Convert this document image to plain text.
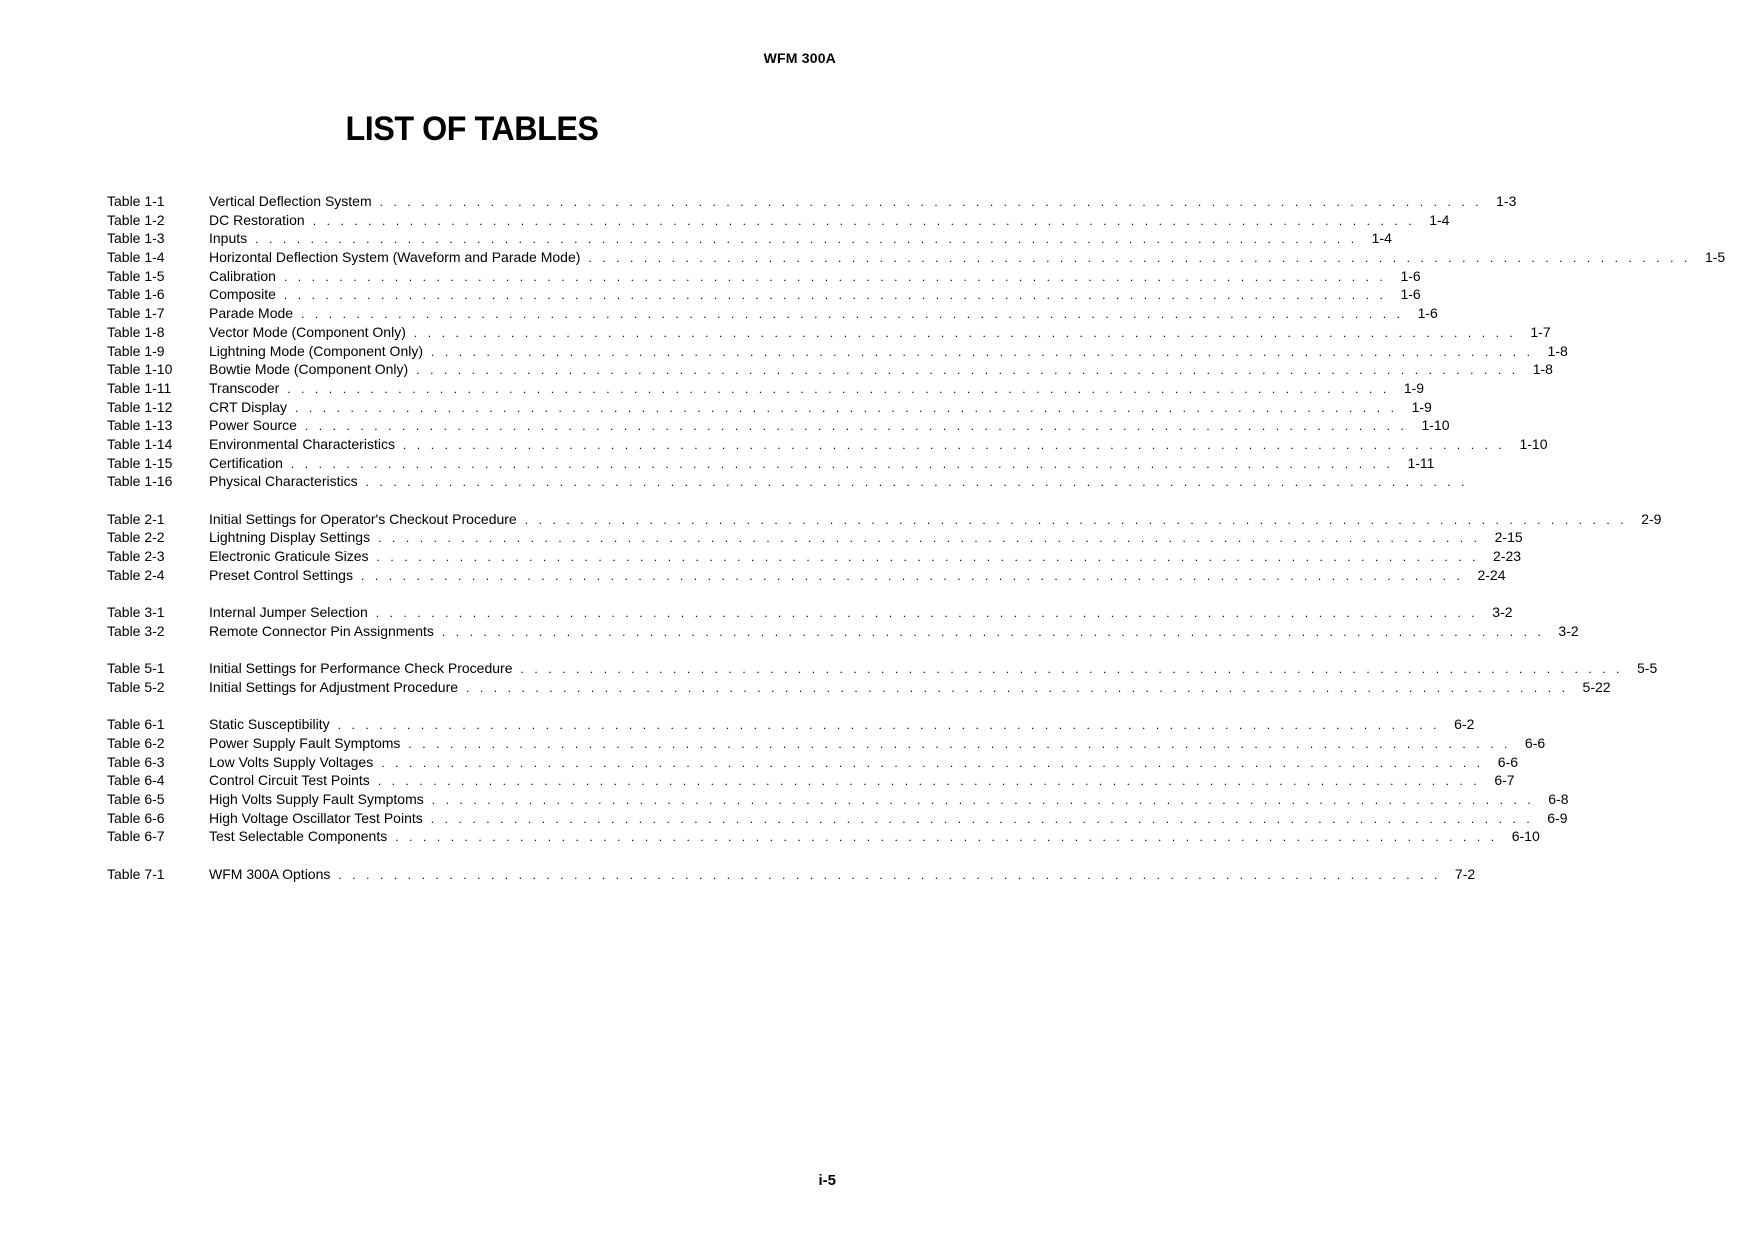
WFM 300A
LIST OF TABLES
Table 1-1	Vertical Deflection System . . . . . . . . . . . . . . . . . . . . . . . . . . . . . . . . . . . . . . . . . . . . . . . . . . . . . . . . . . . . . . . . . . . . . . . . . . . . . . . . 1-3
Table 1-2	DC Restoration . . . . . . . . . . . . . . . . . . . . . . . . . . . . . . . . . . . . . . . . . . . . . . . . . . . . . . . . . . . . . . . . . . . . . . . . . . . . . . . . 1-4
Table 1-3	Inputs . . . . . . . . . . . . . . . . . . . . . . . . . . . . . . . . . . . . . . . . . . . . . . . . . . . . . . . . . . . . . . . . . . . . . . . . . . . . . . . . 1-4
Table 1-4	Horizontal Deflection System (Waveform and Parade Mode) . . . . . . . . . . . . . . . . . . . . . . . . . . . . . . . . . . . . . . . . . . . . . . . . . . . . . . . . . . . . . . . . . . . . . . . . . . . . . . . . 1-5
Table 1-5	Calibration . . . . . . . . . . . . . . . . . . . . . . . . . . . . . . . . . . . . . . . . . . . . . . . . . . . . . . . . . . . . . . . . . . . . . . . . . . . . . . . . 1-6
Table 1-6	Composite . . . . . . . . . . . . . . . . . . . . . . . . . . . . . . . . . . . . . . . . . . . . . . . . . . . . . . . . . . . . . . . . . . . . . . . . . . . . . . . . 1-6
Table 1-7	Parade Mode . . . . . . . . . . . . . . . . . . . . . . . . . . . . . . . . . . . . . . . . . . . . . . . . . . . . . . . . . . . . . . . . . . . . . . . . . . . . . . . . 1-6
Table 1-8	Vector Mode (Component Only) . . . . . . . . . . . . . . . . . . . . . . . . . . . . . . . . . . . . . . . . . . . . . . . . . . . . . . . . . . . . . . . . . . . . . . . . . . . . . . . . 1-7
Table 1-9	Lightning Mode (Component Only) . . . . . . . . . . . . . . . . . . . . . . . . . . . . . . . . . . . . . . . . . . . . . . . . . . . . . . . . . . . . . . . . . . . . . . . . . . . . . . . . 1-8
Table 1-10	Bowtie Mode (Component Only) . . . . . . . . . . . . . . . . . . . . . . . . . . . . . . . . . . . . . . . . . . . . . . . . . . . . . . . . . . . . . . . . . . . . . . . . . . . . . . . . 1-8
Table 1-11	Transcoder . . . . . . . . . . . . . . . . . . . . . . . . . . . . . . . . . . . . . . . . . . . . . . . . . . . . . . . . . . . . . . . . . . . . . . . . . . . . . . . . 1-9
Table 1-12	CRT Display . . . . . . . . . . . . . . . . . . . . . . . . . . . . . . . . . . . . . . . . . . . . . . . . . . . . . . . . . . . . . . . . . . . . . . . . . . . . . . . . 1-9
Table 1-13	Power Source . . . . . . . . . . . . . . . . . . . . . . . . . . . . . . . . . . . . . . . . . . . . . . . . . . . . . . . . . . . . . . . . . . . . . . . . . . . . . . . . 1-10
Table 1-14	Environmental Characteristics . . . . . . . . . . . . . . . . . . . . . . . . . . . . . . . . . . . . . . . . . . . . . . . . . . . . . . . . . . . . . . . . . . . . . . . . . . . . . . . . 1-10
Table 1-15	Certification . . . . . . . . . . . . . . . . . . . . . . . . . . . . . . . . . . . . . . . . . . . . . . . . . . . . . . . . . . . . . . . . . . . . . . . . . . . . . . . . 1-11
Table 1-16	Physical Characteristics . . . . . . . . . . . . . . . . . . . . . . . . . . . . . . . . . . . . . . . . . . . . . . . . . . . . . . . . . . . . . . . . . . . . . . . . . . . . . . . .
Table 2-1	Initial Settings for Operator's Checkout Procedure . . . . . . . . . . . . . . . . . . . . . . . . . . . . . . . . . . . . . . . . . . . . . . . . . . . . . . . . . . . . . . . . . . . . . . . . . . . . . . . . 2-9
Table 2-2	Lightning Display Settings . . . . . . . . . . . . . . . . . . . . . . . . . . . . . . . . . . . . . . . . . . . . . . . . . . . . . . . . . . . . . . . . . . . . . . . . . . . . . . . . 2-15
Table 2-3	Electronic Graticule Sizes . . . . . . . . . . . . . . . . . . . . . . . . . . . . . . . . . . . . . . . . . . . . . . . . . . . . . . . . . . . . . . . . . . . . . . . . . . . . . . . . 2-23
Table 2-4	Preset Control Settings . . . . . . . . . . . . . . . . . . . . . . . . . . . . . . . . . . . . . . . . . . . . . . . . . . . . . . . . . . . . . . . . . . . . . . . . . . . . . . . . 2-24
Table 3-1	Internal Jumper Selection . . . . . . . . . . . . . . . . . . . . . . . . . . . . . . . . . . . . . . . . . . . . . . . . . . . . . . . . . . . . . . . . . . . . . . . . . . . . . . . . 3-2
Table 3-2	Remote Connector Pin Assignments . . . . . . . . . . . . . . . . . . . . . . . . . . . . . . . . . . . . . . . . . . . . . . . . . . . . . . . . . . . . . . . . . . . . . . . . . . . . . . . . 3-2
Table 5-1	Initial Settings for Performance Check Procedure . . . . . . . . . . . . . . . . . . . . . . . . . . . . . . . . . . . . . . . . . . . . . . . . . . . . . . . . . . . . . . . . . . . . . . . . . . . . . . . . 5-5
Table 5-2	Initial Settings for Adjustment Procedure . . . . . . . . . . . . . . . . . . . . . . . . . . . . . . . . . . . . . . . . . . . . . . . . . . . . . . . . . . . . . . . . . . . . . . . . . . . . . . . . 5-22
Table 6-1	Static Susceptibility . . . . . . . . . . . . . . . . . . . . . . . . . . . . . . . . . . . . . . . . . . . . . . . . . . . . . . . . . . . . . . . . . . . . . . . . . . . . . . . . 6-2
Table 6-2	Power Supply Fault Symptoms . . . . . . . . . . . . . . . . . . . . . . . . . . . . . . . . . . . . . . . . . . . . . . . . . . . . . . . . . . . . . . . . . . . . . . . . . . . . . . . . 6-6
Table 6-3	Low Volts Supply Voltages . . . . . . . . . . . . . . . . . . . . . . . . . . . . . . . . . . . . . . . . . . . . . . . . . . . . . . . . . . . . . . . . . . . . . . . . . . . . . . . . 6-6
Table 6-4	Control Circuit Test Points . . . . . . . . . . . . . . . . . . . . . . . . . . . . . . . . . . . . . . . . . . . . . . . . . . . . . . . . . . . . . . . . . . . . . . . . . . . . . . . . 6-7
Table 6-5	High Volts Supply Fault Symptoms . . . . . . . . . . . . . . . . . . . . . . . . . . . . . . . . . . . . . . . . . . . . . . . . . . . . . . . . . . . . . . . . . . . . . . . . . . . . . . . . 6-8
Table 6-6	High Voltage Oscillator Test Points . . . . . . . . . . . . . . . . . . . . . . . . . . . . . . . . . . . . . . . . . . . . . . . . . . . . . . . . . . . . . . . . . . . . . . . . . . . . . . . . 6-9
Table 6-7	Test Selectable Components . . . . . . . . . . . . . . . . . . . . . . . . . . . . . . . . . . . . . . . . . . . . . . . . . . . . . . . . . . . . . . . . . . . . . . . . . . . . . . . . 6-10
Table 7-1	WFM 300A Options . . . . . . . . . . . . . . . . . . . . . . . . . . . . . . . . . . . . . . . . . . . . . . . . . . . . . . . . . . . . . . . . . . . . . . . . . . . . . . . . 7-2
i-5
